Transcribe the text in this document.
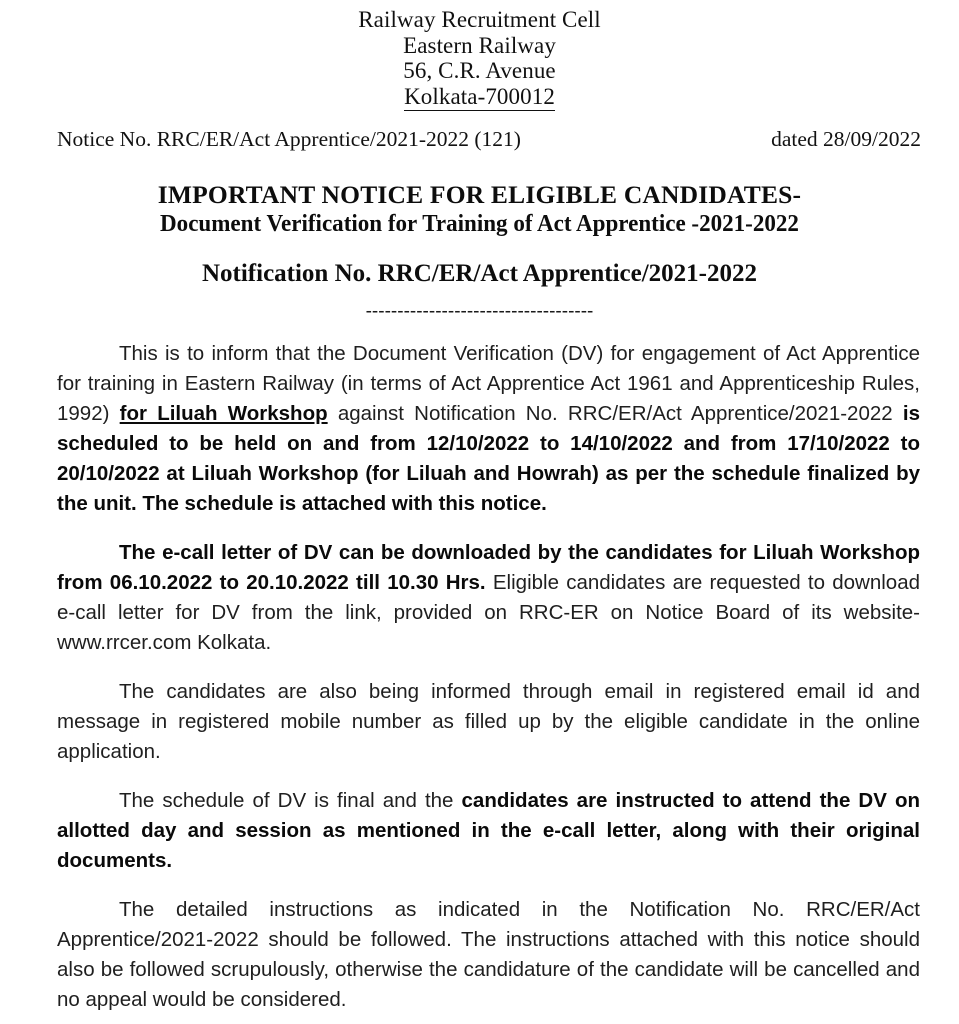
Railway Recruitment Cell
Eastern Railway
56, C.R. Avenue
Kolkata-700012
Notice No. RRC/ER/Act Apprentice/2021-2022 (121)	dated 28/09/2022
IMPORTANT NOTICE FOR ELIGIBLE CANDIDATES-
Document Verification for Training of Act Apprentice -2021-2022
Notification No. RRC/ER/Act Apprentice/2021-2022
------------------------------------

This is to inform that the Document Verification (DV) for engagement of Act Apprentice for training in Eastern Railway (in terms of Act Apprentice Act 1961 and Apprenticeship Rules, 1992) for Liluah Workshop against Notification No. RRC/ER/Act Apprentice/2021-2022 is scheduled to be held on and from 12/10/2022 to 14/10/2022 and from 17/10/2022 to 20/10/2022 at Liluah Workshop (for Liluah and Howrah) as per the schedule finalized by the unit. The schedule is attached with this notice.

The e-call letter of DV can be downloaded by the candidates for Liluah Workshop from 06.10.2022 to 20.10.2022 till 10.30 Hrs. Eligible candidates are requested to download e-call letter for DV from the link, provided on RRC-ER on Notice Board of its website-www.rrcer.com Kolkata.

The candidates are also being informed through email in registered email id and message in registered mobile number as filled up by the eligible candidate in the online application.

The schedule of DV is final and the candidates are instructed to attend the DV on allotted day and session as mentioned in the e-call letter, along with their original documents.

The detailed instructions as indicated in the Notification No. RRC/ER/Act Apprentice/2021-2022 should be followed. The instructions attached with this notice should also be followed scrupulously, otherwise the candidature of the candidate will be cancelled and no appeal would be considered.
